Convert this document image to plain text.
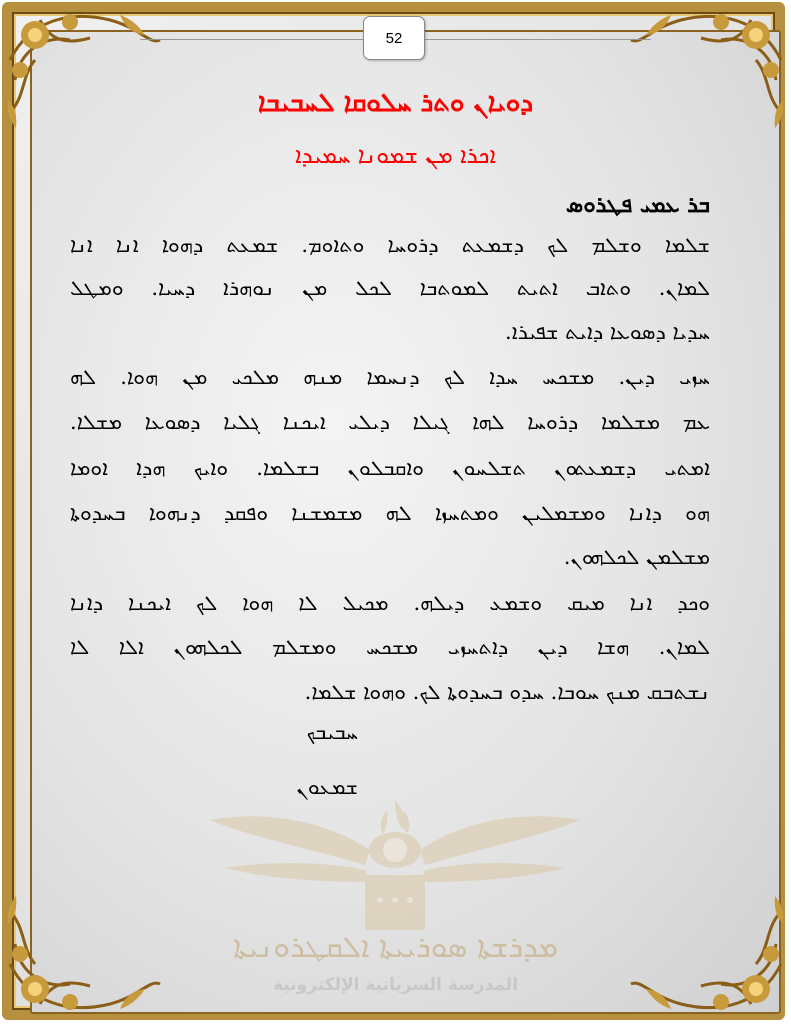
52
ܕܘܝܐܢ ܘܬܪ ܚܠܘܩܐ ܠܚܒܝܒܐ
ܐܟܪܐ ܡܢ ܫܡܘܢܐ ܚܡܝܕܐ
ܒܪ ܥܡܝ ܦܛܪܘܣ
ܫܠܡܐ ܘܫܠܡ ܠܟ ܕܫܡܥܬ ܕܪܘܚܐ ܘܬܐܘܡ. ܫܡܥܬ ܕܗܘܐ ܐܢܐ ܐܢܐ
ܠܡܐܢ. ܘܬܐܒ ܐܬܝܬ ܠܡܘܬܒܐ ܠܟܠ ܡܢ ܢܘܗܪܐ ܕܚܝܐ. ܘܡܛܠ
ܚܕܝܐ ܕܣܘܥܐ ܕܐܝܬ ܫܦܝܪܐ.
ܚܙܝ ܕܝܢ. ܡܫܟܚ ܚܕܐ ܠܟ ܕܢܚܡܐ ܡܢܗ ܡܠܟܝ ܡܢ ܗܘܐ. ܠܗ
ܥܡ ܡܫܠܡܐ ܕܪܘܚܐ ܠܗܐ ܓܝܠܐ ܕܝܠܝ ܐܝܟܢܐ ܓܠܝܐ ܕܣܘܥܐ ܡܫܠܐ.
ܐܡܬܝ ܕܫܡܥܬܘܢ ܬܫܠܚܘܢ ܘܐܩܒܠܘܢ ܒܫܠܡܐ. ܘܐܝܟ ܗܕܐ ܐܘܡܐ
ܗܘ ܕܐܢܐ ܘܡܫܡܠܝܢ ܘܡܬܚܙܐ ܠܗ ܡܫܡܫܢܐ ܘܦܩܕ ܕܢܗܘܐ ܒܚܕܘܬܐ
ܡܫܠܡܢ ܠܟܠܗܘܢ.
ܘܟܕ ܐܢܐ ܡܝܩ ܘܫܡܥ ܕܝܠܗ. ܡܟܝܠ ܠܐ ܗܘܐ ܠܟ ܐܝܟܢܐ ܕܐܢܐ
ܠܡܐܢ. ܗܫܐ ܕܝܢ ܕܐܬܚܙܝ ܡܫܟܚ ܘܡܫܠܡ ܠܟܠܗܘܢ ܐܠܐ ܠܐ
ܢܫܬܒܩ ܡܢܟ ܚܘܒܐ. ܚܕܘ ܒܚܕܘܬܐ ܠܟ. ܘܗܘܐ ܫܠܡܐ.
ܚܒܝܒܟ
ܫܡܥܘܢ
ܡܕܪܫܬܐ ܣܘܪܝܝܬܐ ܐܠܩܛܪܘܢܝܬܐ
المدرسة السريانية الإلكترونية
